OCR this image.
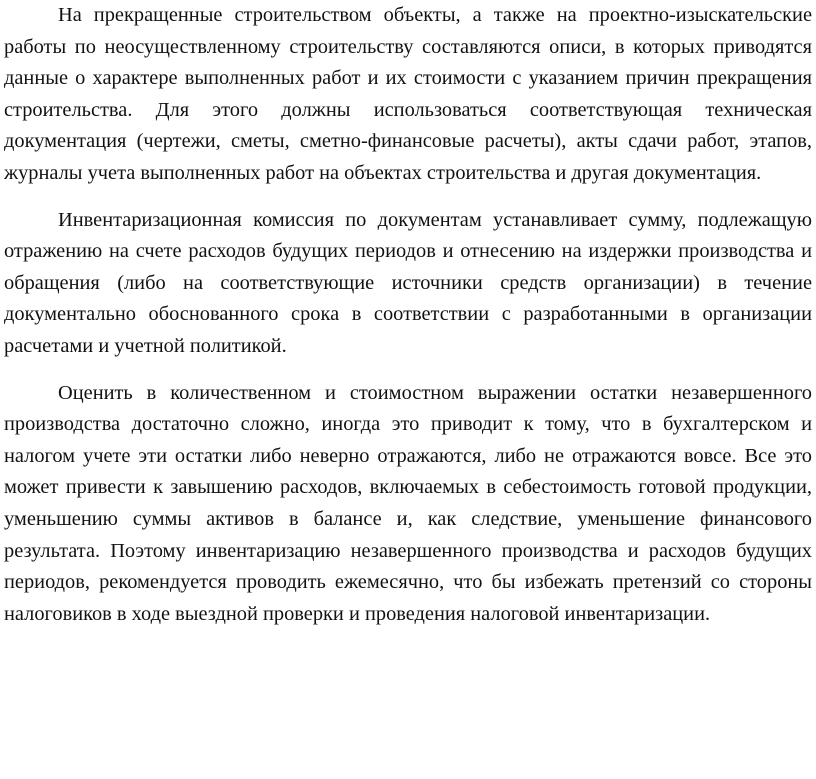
На прекращенные строительством объекты, а также на проектно-изыскательские работы по неосуществленному строительству составляются описи, в которых приводятся данные о характере выполненных работ и их стоимости с указанием причин прекращения строительства. Для этого должны использоваться соответствующая техническая документация (чертежи, сметы, сметно-финансовые расчеты), акты сдачи работ, этапов, журналы учета выполненных работ на объектах строительства и другая документация.

Инвентаризационная комиссия по документам устанавливает сумму, подлежащую отражению на счете расходов будущих периодов и отнесению на издержки производства и обращения (либо на соответствующие источники средств организации) в течение документально обоснованного срока в соответствии с разработанными в организации расчетами и учетной политикой.

Оценить в количественном и стоимостном выражении остатки незавершенного производства достаточно сложно, иногда это приводит к тому, что в бухгалтерском и налогом учете эти остатки либо неверно отражаются, либо не отражаются вовсе. Все это может привести к завышению расходов, включаемых в себестоимость готовой продукции, уменьшению суммы активов в балансе и, как следствие, уменьшение финансового результата. Поэтому инвентаризацию незавершенного производства и расходов будущих периодов, рекомендуется проводить ежемесячно, что бы избежать претензий со стороны налоговиков в ходе выездной проверки и проведения налоговой инвентаризации.
